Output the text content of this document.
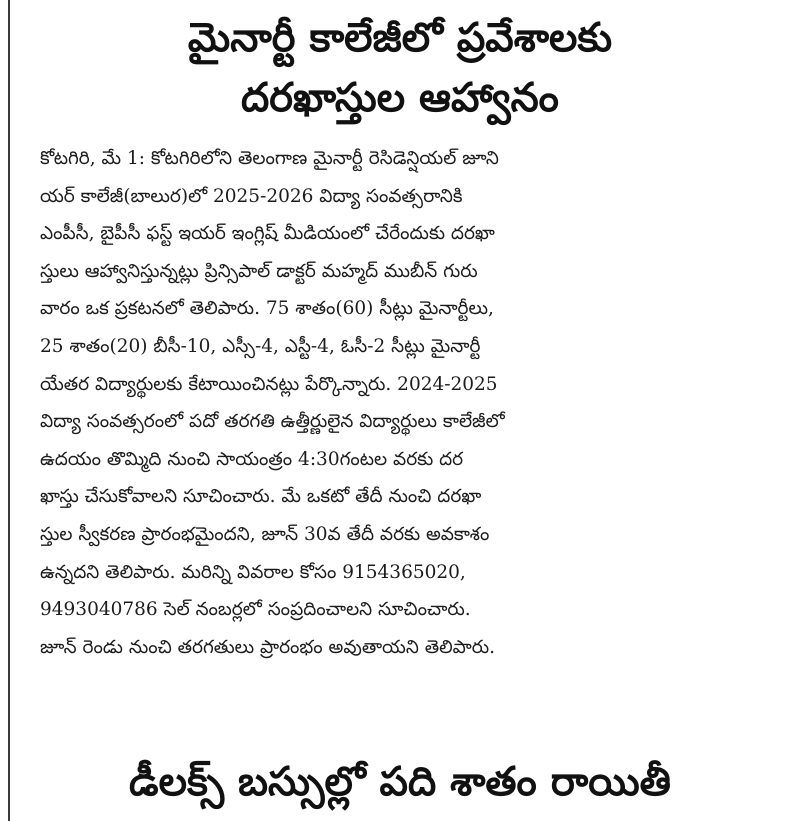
మైనార్టీ కాలేజీలో ప్రవేశాలకు
దరఖాస్తుల ఆహ్వానం
కోటగిరి, మే 1: కోటగిరిలోని తెలంగాణ మైనార్టీ రెసిడెన్షియల్ జూని
యర్ కాలేజీ(బాలుర)లో 2025-2026 విద్యా సంవత్సరానికి
ఎంపీసీ, బైపీసీ ఫస్ట్ ఇయర్ ఇంగ్లిష్ మీడియంలో చేరేందుకు దరఖా
స్తులు ఆహ్వానిస్తున్నట్లు ప్రిన్సిపాల్ డాక్టర్ మహ్మద్ ముబీన్ గురు
వారం ఒక ప్రకటనలో తెలిపారు. 75 శాతం(60) సీట్లు మైనార్టీలు,
25 శాతం(20) బీసీ-10, ఎస్సీ-4, ఎస్టీ-4, ఓసీ-2 సీట్లు మైనార్టీ
యేతర విద్యార్థులకు కేటాయించినట్లు పేర్కొన్నారు. 2024-2025
విద్యా సంవత్సరంలో పదో తరగతి ఉత్తీర్ణులైన విద్యార్థులు కాలేజీలో
ఉదయం తొమ్మిది నుంచి సాయంత్రం 4:30గంటల వరకు దర
ఖాస్తు చేసుకోవాలని సూచించారు. మే ఒకటో తేదీ నుంచి దరఖా
స్తుల స్వీకరణ ప్రారంభమైందని, జూన్ 30వ తేదీ వరకు అవకాశం
ఉన్నదని తెలిపారు. మరిన్ని వివరాల కోసం 9154365020,
9493040786 సెల్ నంబర్లలో సంప్రదించాలని సూచించారు.
జూన్ రెండు నుంచి తరగతులు ప్రారంభం అవుతాయని తెలిపారు.
డీలక్స్ బస్సుల్లో పది శాతం రాయితీ
